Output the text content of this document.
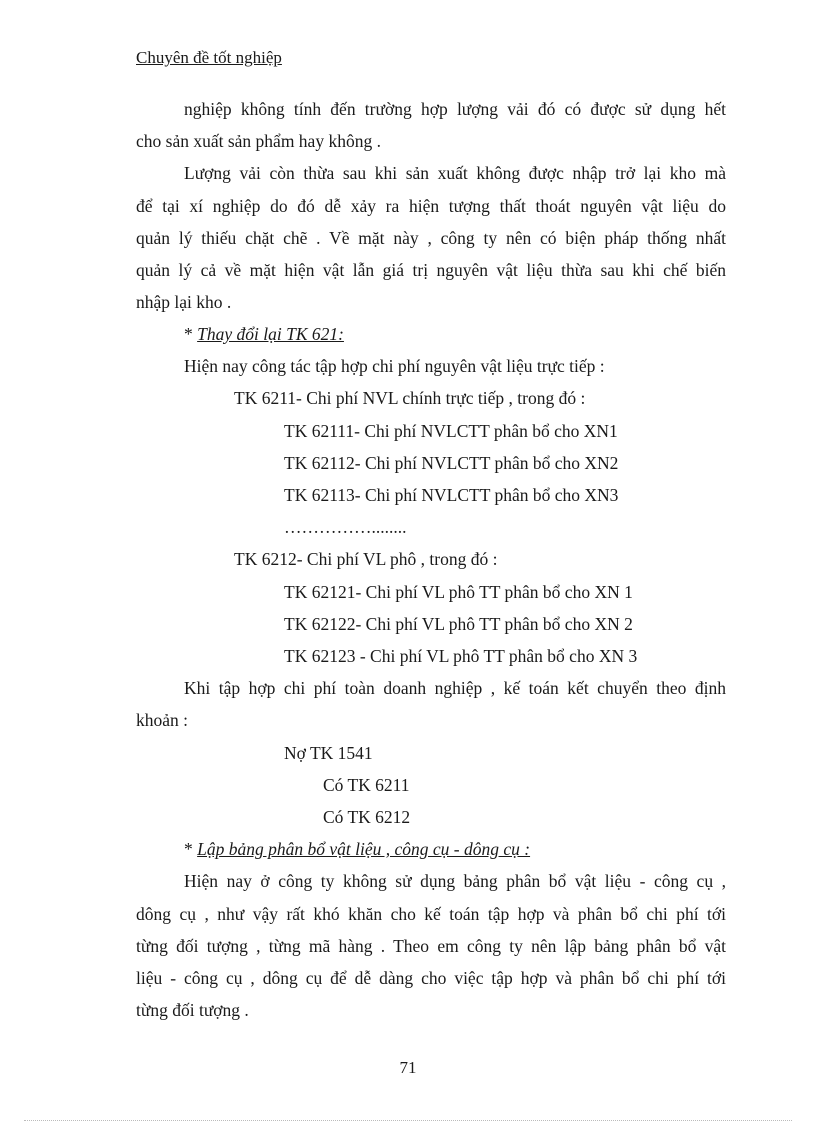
Chuyên đề tốt nghiệp
nghiệp không tính đến trường hợp lượng vải đó có được sử dụng hết
cho sản xuất sản phẩm hay không .
Lượng vải còn thừa sau khi sản xuất không được nhập trở lại kho mà
để tại xí nghiệp do đó dễ xảy ra hiện tượng thất thoát nguyên vật liệu do
quản lý thiếu chặt chẽ . Về mặt này , công ty nên có biện pháp thống nhất
quản lý cả về mặt hiện vật lẫn giá trị nguyên vật liệu thừa sau khi chế biến
nhập lại kho .
* Thay đổi lại TK 621:
Hiện nay công tác tập hợp chi phí nguyên vật liệu trực tiếp :
TK 6211- Chi phí NVL chính trực tiếp , trong đó :
TK 62111- Chi phí NVLCTT phân bổ cho XN1
TK 62112- Chi phí NVLCTT phân bổ cho XN2
TK 62113- Chi phí NVLCTT phân bổ cho XN3
……………........
TK 6212- Chi phí VL phô , trong đó :
TK 62121- Chi phí VL phô TT phân bổ cho XN 1
TK 62122- Chi phí VL phô TT phân bổ cho XN 2
TK 62123 - Chi phí VL phô TT phân bổ cho XN 3
Khi tập hợp chi phí toàn doanh nghiệp , kế toán kết chuyển theo định
khoản :
Nợ TK 1541
Có TK 6211
Có TK 6212
* Lập bảng phân bổ vật liệu , công cụ - dông cụ :
Hiện nay ở công ty không sử dụng bảng phân bổ vật liệu - công cụ ,
dông cụ , như vậy rất khó khăn cho kế toán tập hợp và phân bổ chi phí tới
từng đối tượng , từng mã hàng . Theo em công ty nên lập bảng phân bổ vật
liệu - công cụ , dông cụ để dễ dàng cho việc tập hợp và phân bổ chi phí tới
từng đối tượng .
71
